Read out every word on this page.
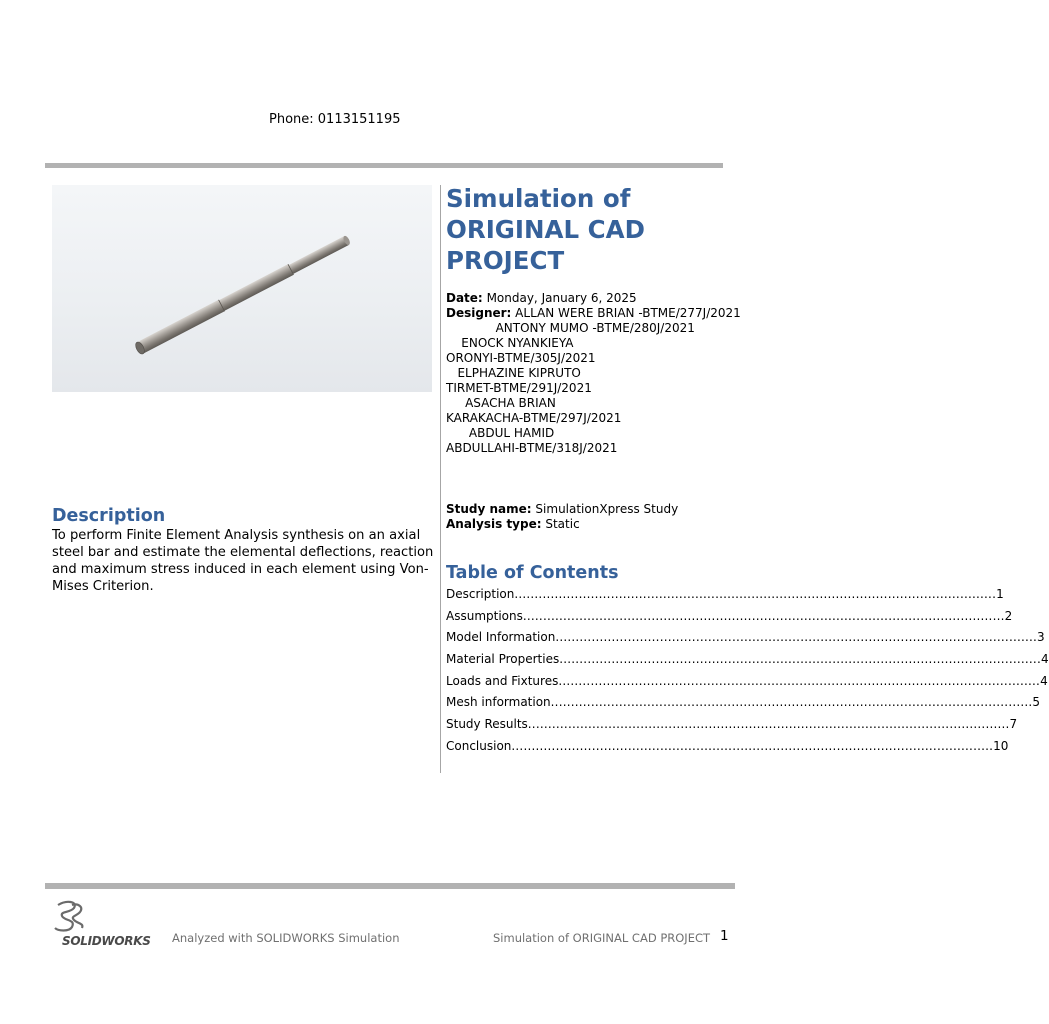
Phone: 0113151195
Description
To perform Finite Element Analysis synthesis on an axial steel bar and estimate the elemental deflections, reaction and maximum stress induced in each element using Von-Mises Criterion.
Simulation of ORIGINAL CAD PROJECT
Date: Monday, January 6, 2025
Designer: ALLAN WERE BRIAN -BTME/277J/2021
ANTONY MUMO -BTME/280J/2021
ENOCK NYANKIEYA
ORONYI-BTME/305J/2021
ELPHAZINE KIPRUTO
TIRMET-BTME/291J/2021
ASACHA BRIAN
KARAKACHA-BTME/297J/2021
ABDUL HAMID
ABDULLAHI-BTME/318J/2021
Study name: SimulationXpress Study
Analysis type: Static
Table of Contents
Description ........................................................................................................................ 1
Assumptions ........................................................................................................................ 2
Model Information ........................................................................................................................ 3
Material Properties ........................................................................................................................ 4
Loads and Fixtures ........................................................................................................................ 4
Mesh information ........................................................................................................................ 5
Study Results ........................................................................................................................ 7
Conclusion ........................................................................................................................ 10
SOLIDWORKS Analyzed with SOLIDWORKS Simulation	Simulation of ORIGINAL CAD PROJECT 1
